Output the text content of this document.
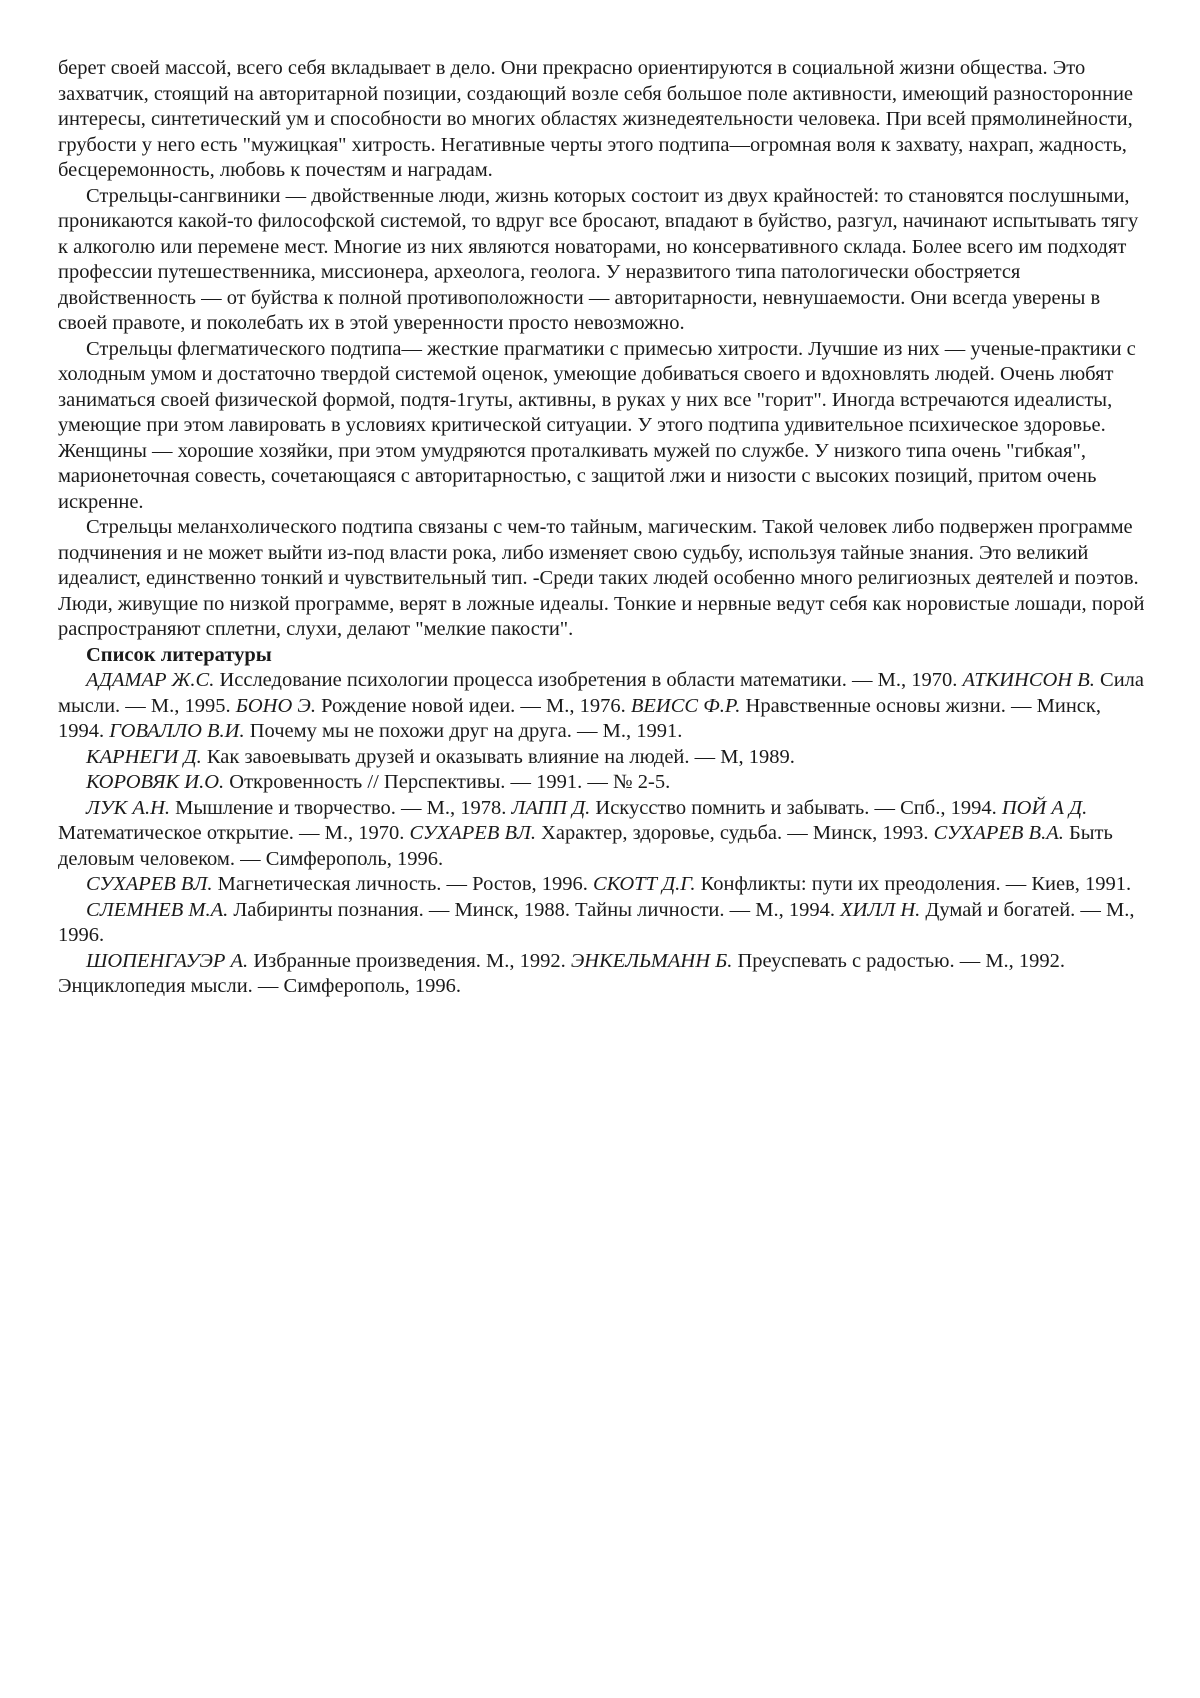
берет своей массой, всего себя вкладывает в дело. Они прекрасно ориентируются в социальной жизни общества. Это захватчик, стоящий на авторитарной позиции, создающий возле себя большое поле активности, имеющий разносторонние интересы, синтетический ум и способности во многих областях жизнедеятельности человека. При всей прямолинейности, грубости у него есть "мужицкая" хитрость. Негативные черты этого подтипа—огромная воля к захвату, нахрап, жадность, бесцеремонность, любовь к почестям и наградам.

Стрельцы-сангвиники — двойственные люди, жизнь которых состоит из двух крайностей: то становятся послушными, проникаются какой-то философской системой, то вдруг все бросают, впадают в буйство, разгул, начинают испытывать тягу к алкоголю или перемене мест. Многие из них являются новаторами, но консервативного склада. Более всего им подходят профессии путешественника, миссионера, археолога, геолога. У неразвитого типа патологически обостряется двойственность — от буйства к полной противоположности — авторитарности, невнушаемости. Они всегда уверены в своей правоте, и поколебать их в этой уверенности просто невозможно.

Стрельцы флегматического подтипа— жесткие прагматики с примесью хитрости. Лучшие из них — ученые-практики с холодным умом и достаточно твердой системой оценок, умеющие добиваться своего и вдохновлять людей. Очень любят заниматься своей физической формой, подтя-1гуты, активны, в руках у них все "горит". Иногда встречаются идеалисты, умеющие при этом лавировать в условиях критической ситуации. У этого подтипа удивительное психическое здоровье. Женщины — хорошие хозяйки, при этом умудряются проталкивать мужей по службе. У низкого типа очень "гибкая", марионеточная совесть, сочетающаяся с авторитарностью, с защитой лжи и низости с высоких позиций, притом очень искренне.

Стрельцы меланхолического подтипа связаны с чем-то тайным, магическим. Такой человек либо подвержен программе подчинения и не может выйти из-под власти рока, либо изменяет свою судьбу, используя тайные знания. Это великий идеалист, единственно тонкий и чувствительный тип. -Среди таких людей особенно много религиозных деятелей и поэтов. Люди, живущие по низкой программе, верят в ложные идеалы. Тонкие и нервные ведут себя как норовистые лошади, порой распространяют сплетни, слухи, делают "мелкие пакости".

Список литературы

АДАМАР Ж.С. Исследование психологии процесса изобретения в области математики. — М., 1970. АТКИНСОН В. Сила мысли. — М., 1995. БОНО Э. Рождение новой идеи. — М., 1976. ВЕИСС Ф.Р. Нравственные основы жизни. — Минск, 1994. ГОВАЛЛО В.И. Почему мы не похожи друг на друга. — М., 1991.

КАРНЕГИ Д. Как завоевывать друзей и оказывать влияние на людей. — М, 1989.

КОРОВЯК И.О. Откровенность // Перспективы. — 1991. — № 2-5.

ЛУК А.Н. Мышление и творчество. — М., 1978. ЛАПП Д. Искусство помнить и забывать. — Спб., 1994. ПОЙ А Д. Математическое открытие. — М., 1970. СУХАРЕВ ВЛ. Характер, здоровье, судьба. — Минск, 1993. СУХАРЕВ В.А. Быть деловым человеком. — Симферополь, 1996.

СУХАРЕВ ВЛ. Магнетическая личность. — Ростов, 1996. СКОТТ Д.Г. Конфликты: пути их преодоления. — Киев, 1991.

СЛЕМНЕВ М.А. Лабиринты познания. — Минск, 1988. Тайны личности. — М., 1994. ХИЛЛ Н. Думай и богатей. — М., 1996.

ШОПЕНГАУЭР А. Избранные произведения. М., 1992. ЭНКЕЛЬМАНН Б. Преуспевать с радостью. — М., 1992. Энциклопедия мысли. — Симферополь, 1996.
